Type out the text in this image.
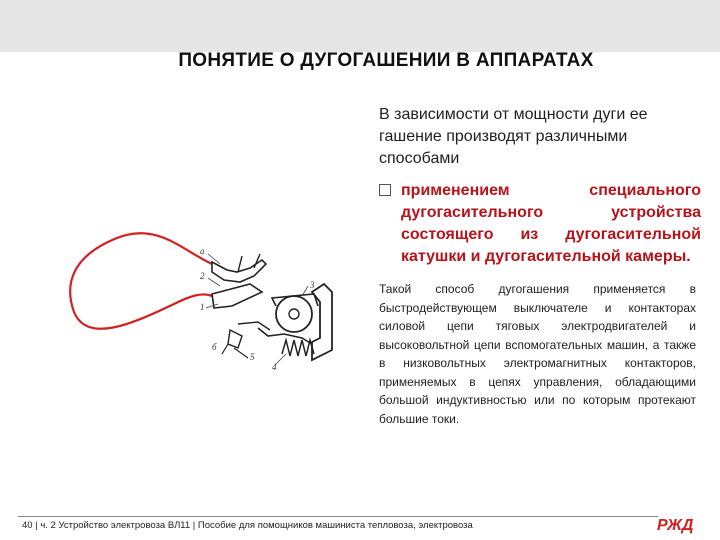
ПОНЯТИЕ О ДУГОГАШЕНИИ В АППАРАТАХ
а
2
3
1
б
5
4
В зависимости от мощности дуги ее гашение производят различными способами
применением специального дугогасительного устройства состоящего из дугогасительной катушки и дугогасительной камеры.
Такой способ дугогашения применяется в быстродействующем выключателе и контакторах силовой цепи тяговых электродвигателей и высоковольтной цепи вспомогательных машин, а также в низковольтных электромагнитных контакторов, применяемых в цепях управления, обладающими большой индуктивностью или по которым протекают большие токи.
40 | ч. 2 Устройство электровоза ВЛ11 | Пособие для помощников машиниста тепловоза, электровоза	РЖД
